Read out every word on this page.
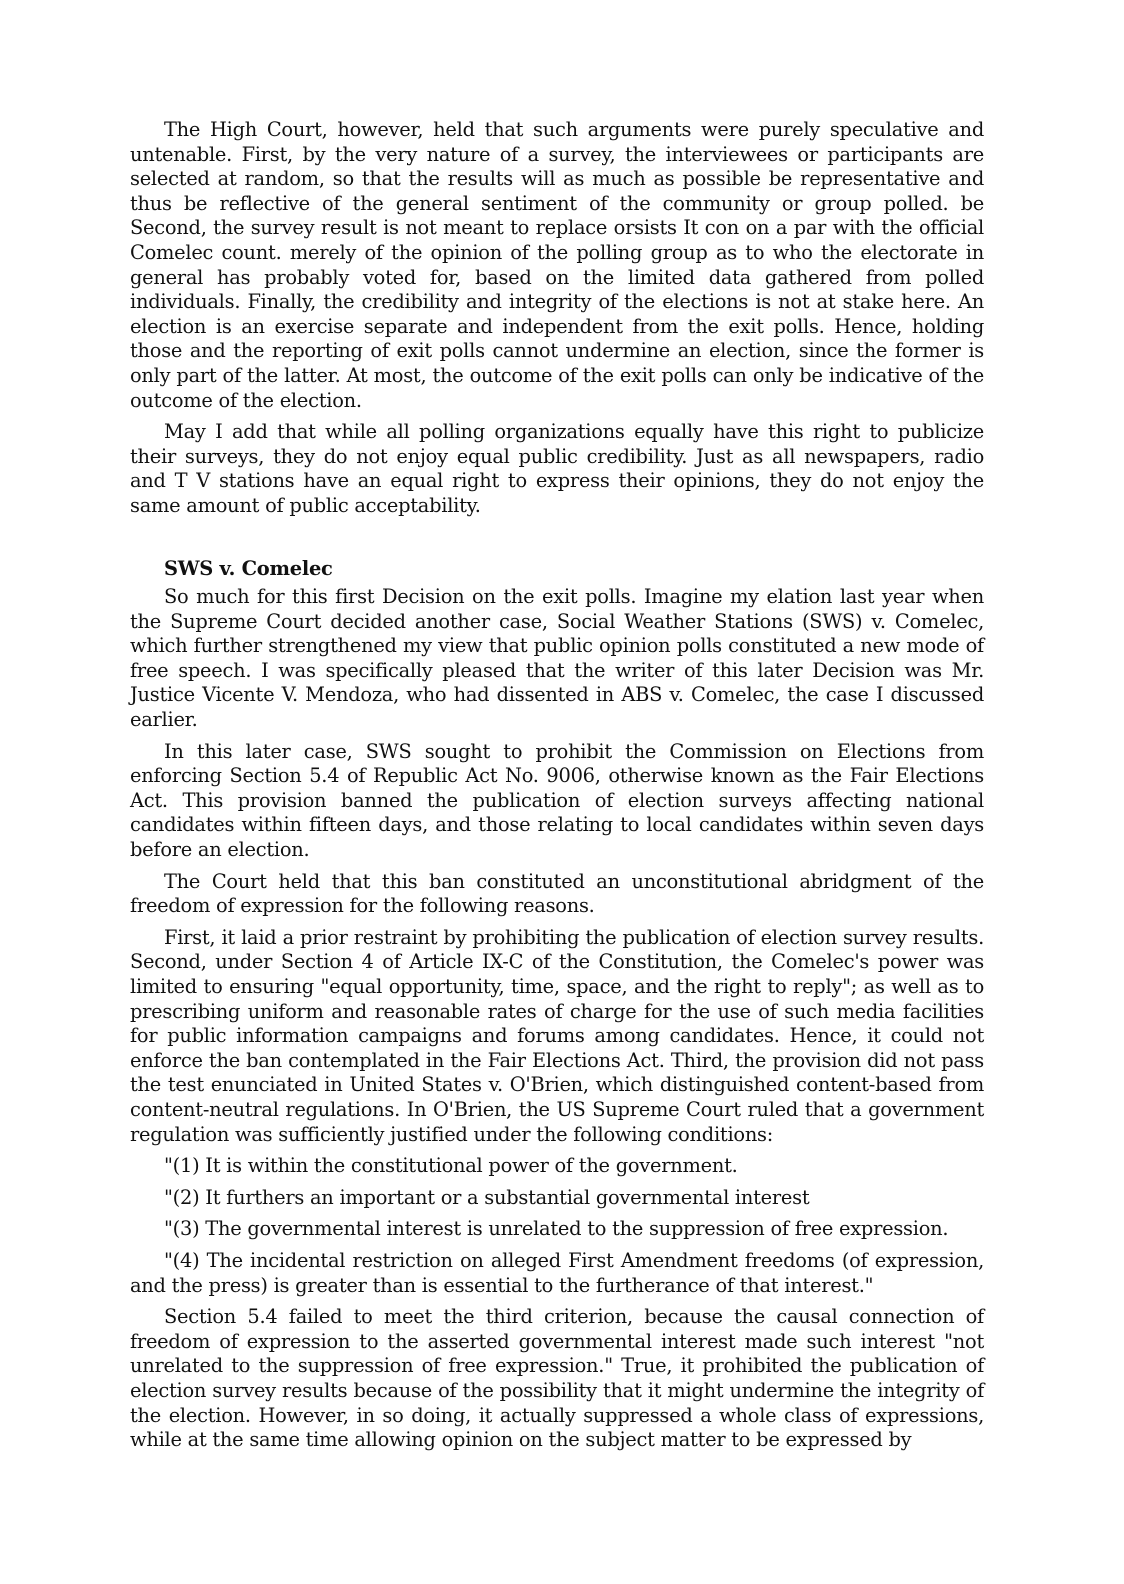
The High Court, however, held that such arguments were purely speculative and untenable. First, by the very nature of a survey, the interviewees or participants are selected at random, so that the results will as much as possible be representative and thus be reflective of the general sentiment of the community or group polled. be Second, the survey result is not meant to replace orsists It con on a par with the official Comelec count. merely of the opinion of the polling group as to who the electorate in general has probably voted for, based on the limited data gathered from polled individuals. Finally, the credibility and integrity of the elections is not at stake here. An election is an exercise separate and independent from the exit polls. Hence, holding those and the reporting of exit polls cannot undermine an election, since the former is only part of the latter. At most, the outcome of the exit polls can only be indicative of the outcome of the election.

May I add that while all polling organizations equally have this right to publicize their surveys, they do not enjoy equal public credibility. Just as all newspapers, radio and T V stations have an equal right to express their opinions, they do not enjoy the same amount of public acceptability.

SWS v. Comelec

So much for this first Decision on the exit polls. Imagine my elation last year when the Supreme Court decided another case, Social Weather Stations (SWS) v. Comelec, which further strengthened my view that public opinion polls constituted a new mode of free speech. I was specifically pleased that the writer of this later Decision was Mr. Justice Vicente V. Mendoza, who had dissented in ABS v. Comelec, the case I discussed earlier.

In this later case, SWS sought to prohibit the Commission on Elections from enforcing Section 5.4 of Republic Act No. 9006, otherwise known as the Fair Elections Act. This provision banned the publication of election surveys affecting national candidates within fifteen days, and those relating to local candidates within seven days before an election.

The Court held that this ban constituted an unconstitutional abridgment of the freedom of expression for the following reasons.

First, it laid a prior restraint by prohibiting the publication of election survey results. Second, under Section 4 of Article IX-C of the Constitution, the Comelec's power was limited to ensuring "equal opportunity, time, space, and the right to reply"; as well as to prescribing uniform and reasonable rates of charge for the use of such media facilities for public information campaigns and forums among candidates. Hence, it could not enforce the ban contemplated in the Fair Elections Act. Third, the provision did not pass the test enunciated in United States v. O'Brien, which distinguished content-based from content-neutral regulations. In O'Brien, the US Supreme Court ruled that a government regulation was sufficiently justified under the following conditions:

"(1) It is within the constitutional power of the government.

"(2) It furthers an important or a substantial governmental interest

"(3) The governmental interest is unrelated to the suppression of free expression.

"(4) The incidental restriction on alleged First Amendment freedoms (of expression, and the press) is greater than is essential to the furtherance of that interest."

Section 5.4 failed to meet the third criterion, because the causal connection of freedom of expression to the asserted governmental interest made such interest "not unrelated to the suppression of free expression." True, it prohibited the publication of election survey results because of the possibility that it might undermine the integrity of the election. However, in so doing, it actually suppressed a whole class of expressions, while at the same time allowing opinion on the subject matter to be expressed by
